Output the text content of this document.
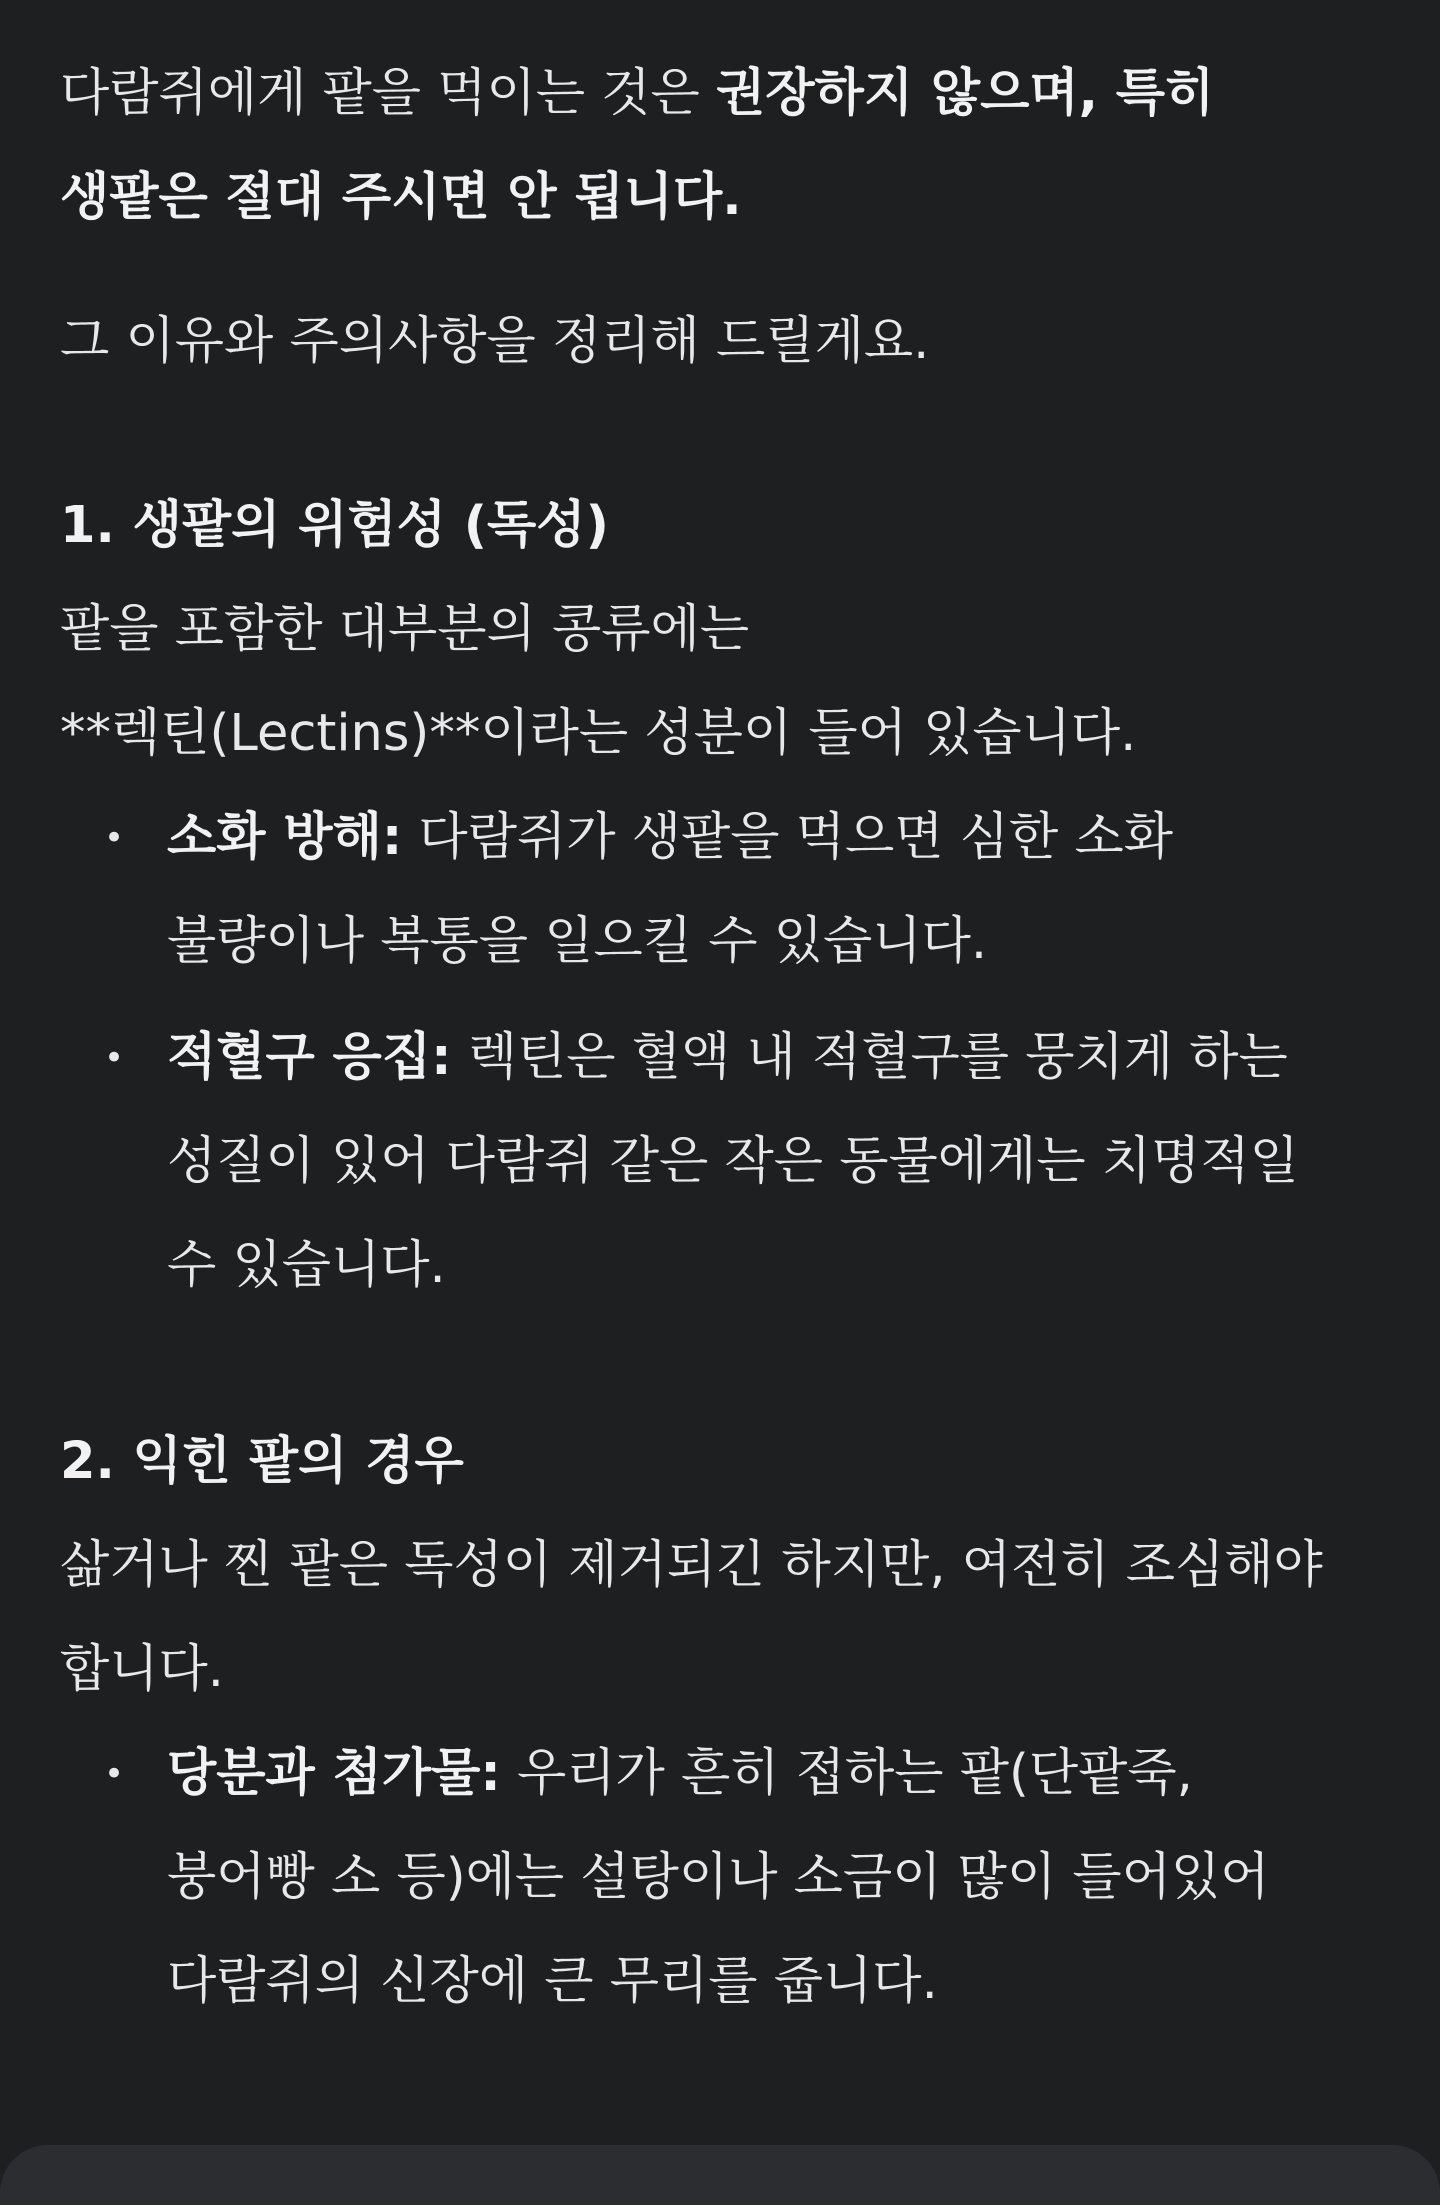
다람쥐에게 팥을 먹이는 것은 권장하지 않으며, 특히
생팥은 절대 주시면 안 됩니다.

그 이유와 주의사항을 정리해 드릴게요.

1. 생팥의 위험성 (독성)

팥을 포함한 대부분의 콩류에는
**렉틴(Lectins)**이라는 성분이 들어 있습니다.

• 소화 방해: 다람쥐가 생팥을 먹으면 심한 소화
불량이나 복통을 일으킬 수 있습니다.
• 적혈구 응집: 렉틴은 혈액 내 적혈구를 뭉치게 하는
성질이 있어 다람쥐 같은 작은 동물에게는 치명적일
수 있습니다.

2. 익힌 팥의 경우

삶거나 찐 팥은 독성이 제거되긴 하지만, 여전히 조심해야
합니다.

• 당분과 첨가물: 우리가 흔히 접하는 팥(단팥죽,
붕어빵 소 등)에는 설탕이나 소금이 많이 들어있어
다람쥐의 신장에 큰 무리를 줍니다.
